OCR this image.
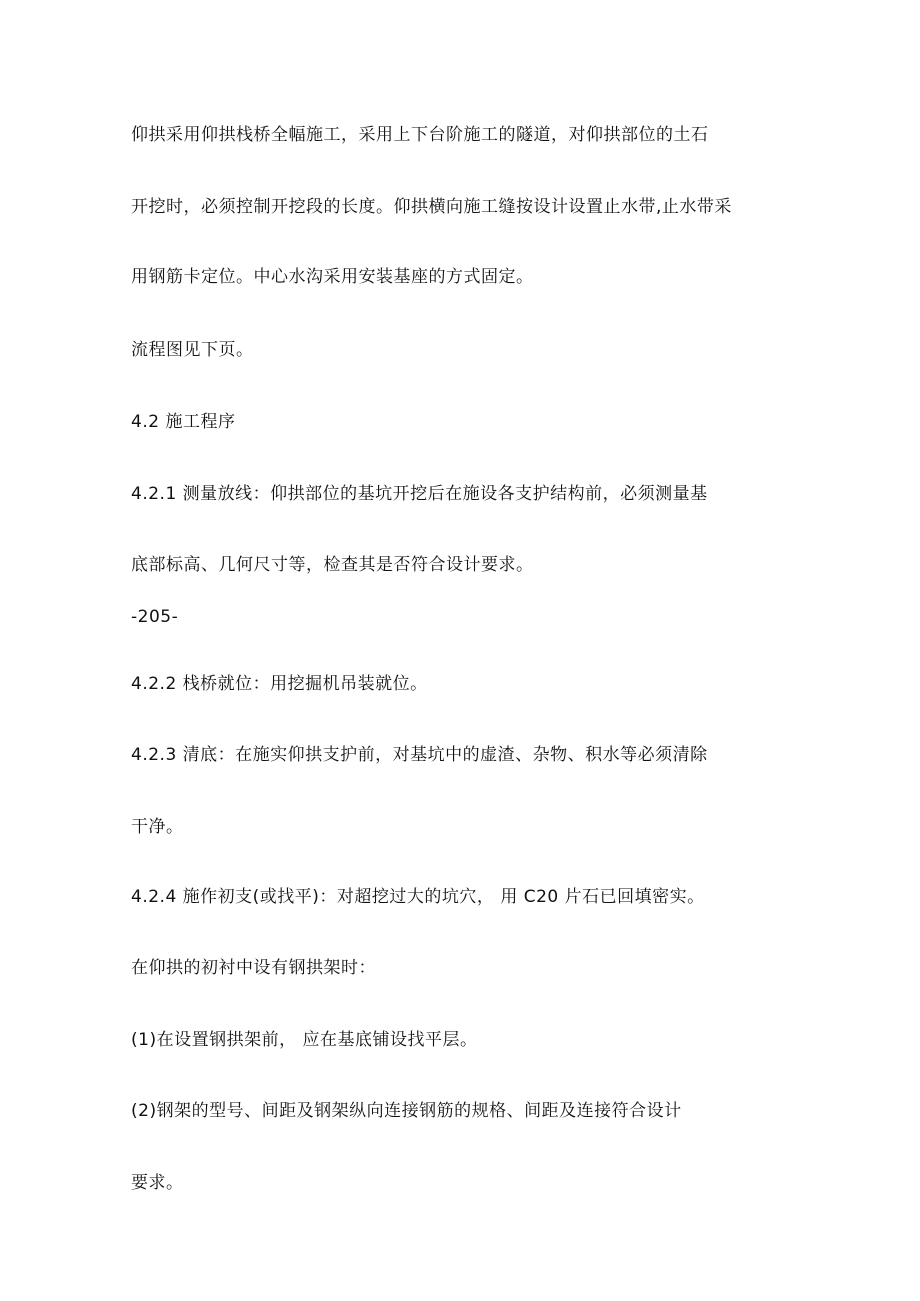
仰拱采用仰拱栈桥全幅施工，采用上下台阶施工的隧道，对仰拱部位的土石
开挖时，必须控制开挖段的长度。仰拱横向施工缝按设计设置止水带,止水带采
用钢筋卡定位。中心水沟采用安装基座的方式固定。
流程图见下页。
4.2 施工程序
4.2.1 测量放线：仰拱部位的基坑开挖后在施设各支护结构前，必须测量基
底部标高、几何尺寸等，检查其是否符合设计要求。
-205-
4.2.2 栈桥就位：用挖掘机吊装就位。
4.2.3 清底：在施实仰拱支护前，对基坑中的虚渣、杂物、积水等必须清除
干净。
4.2.4 施作初支(或找平)：对超挖过大的坑穴， 用 C20 片石已回填密实。
在仰拱的初衬中设有钢拱架时：
(1)在设置钢拱架前， 应在基底铺设找平层。
(2)钢架的型号、间距及钢架纵向连接钢筋的规格、间距及连接符合设计
要求。
